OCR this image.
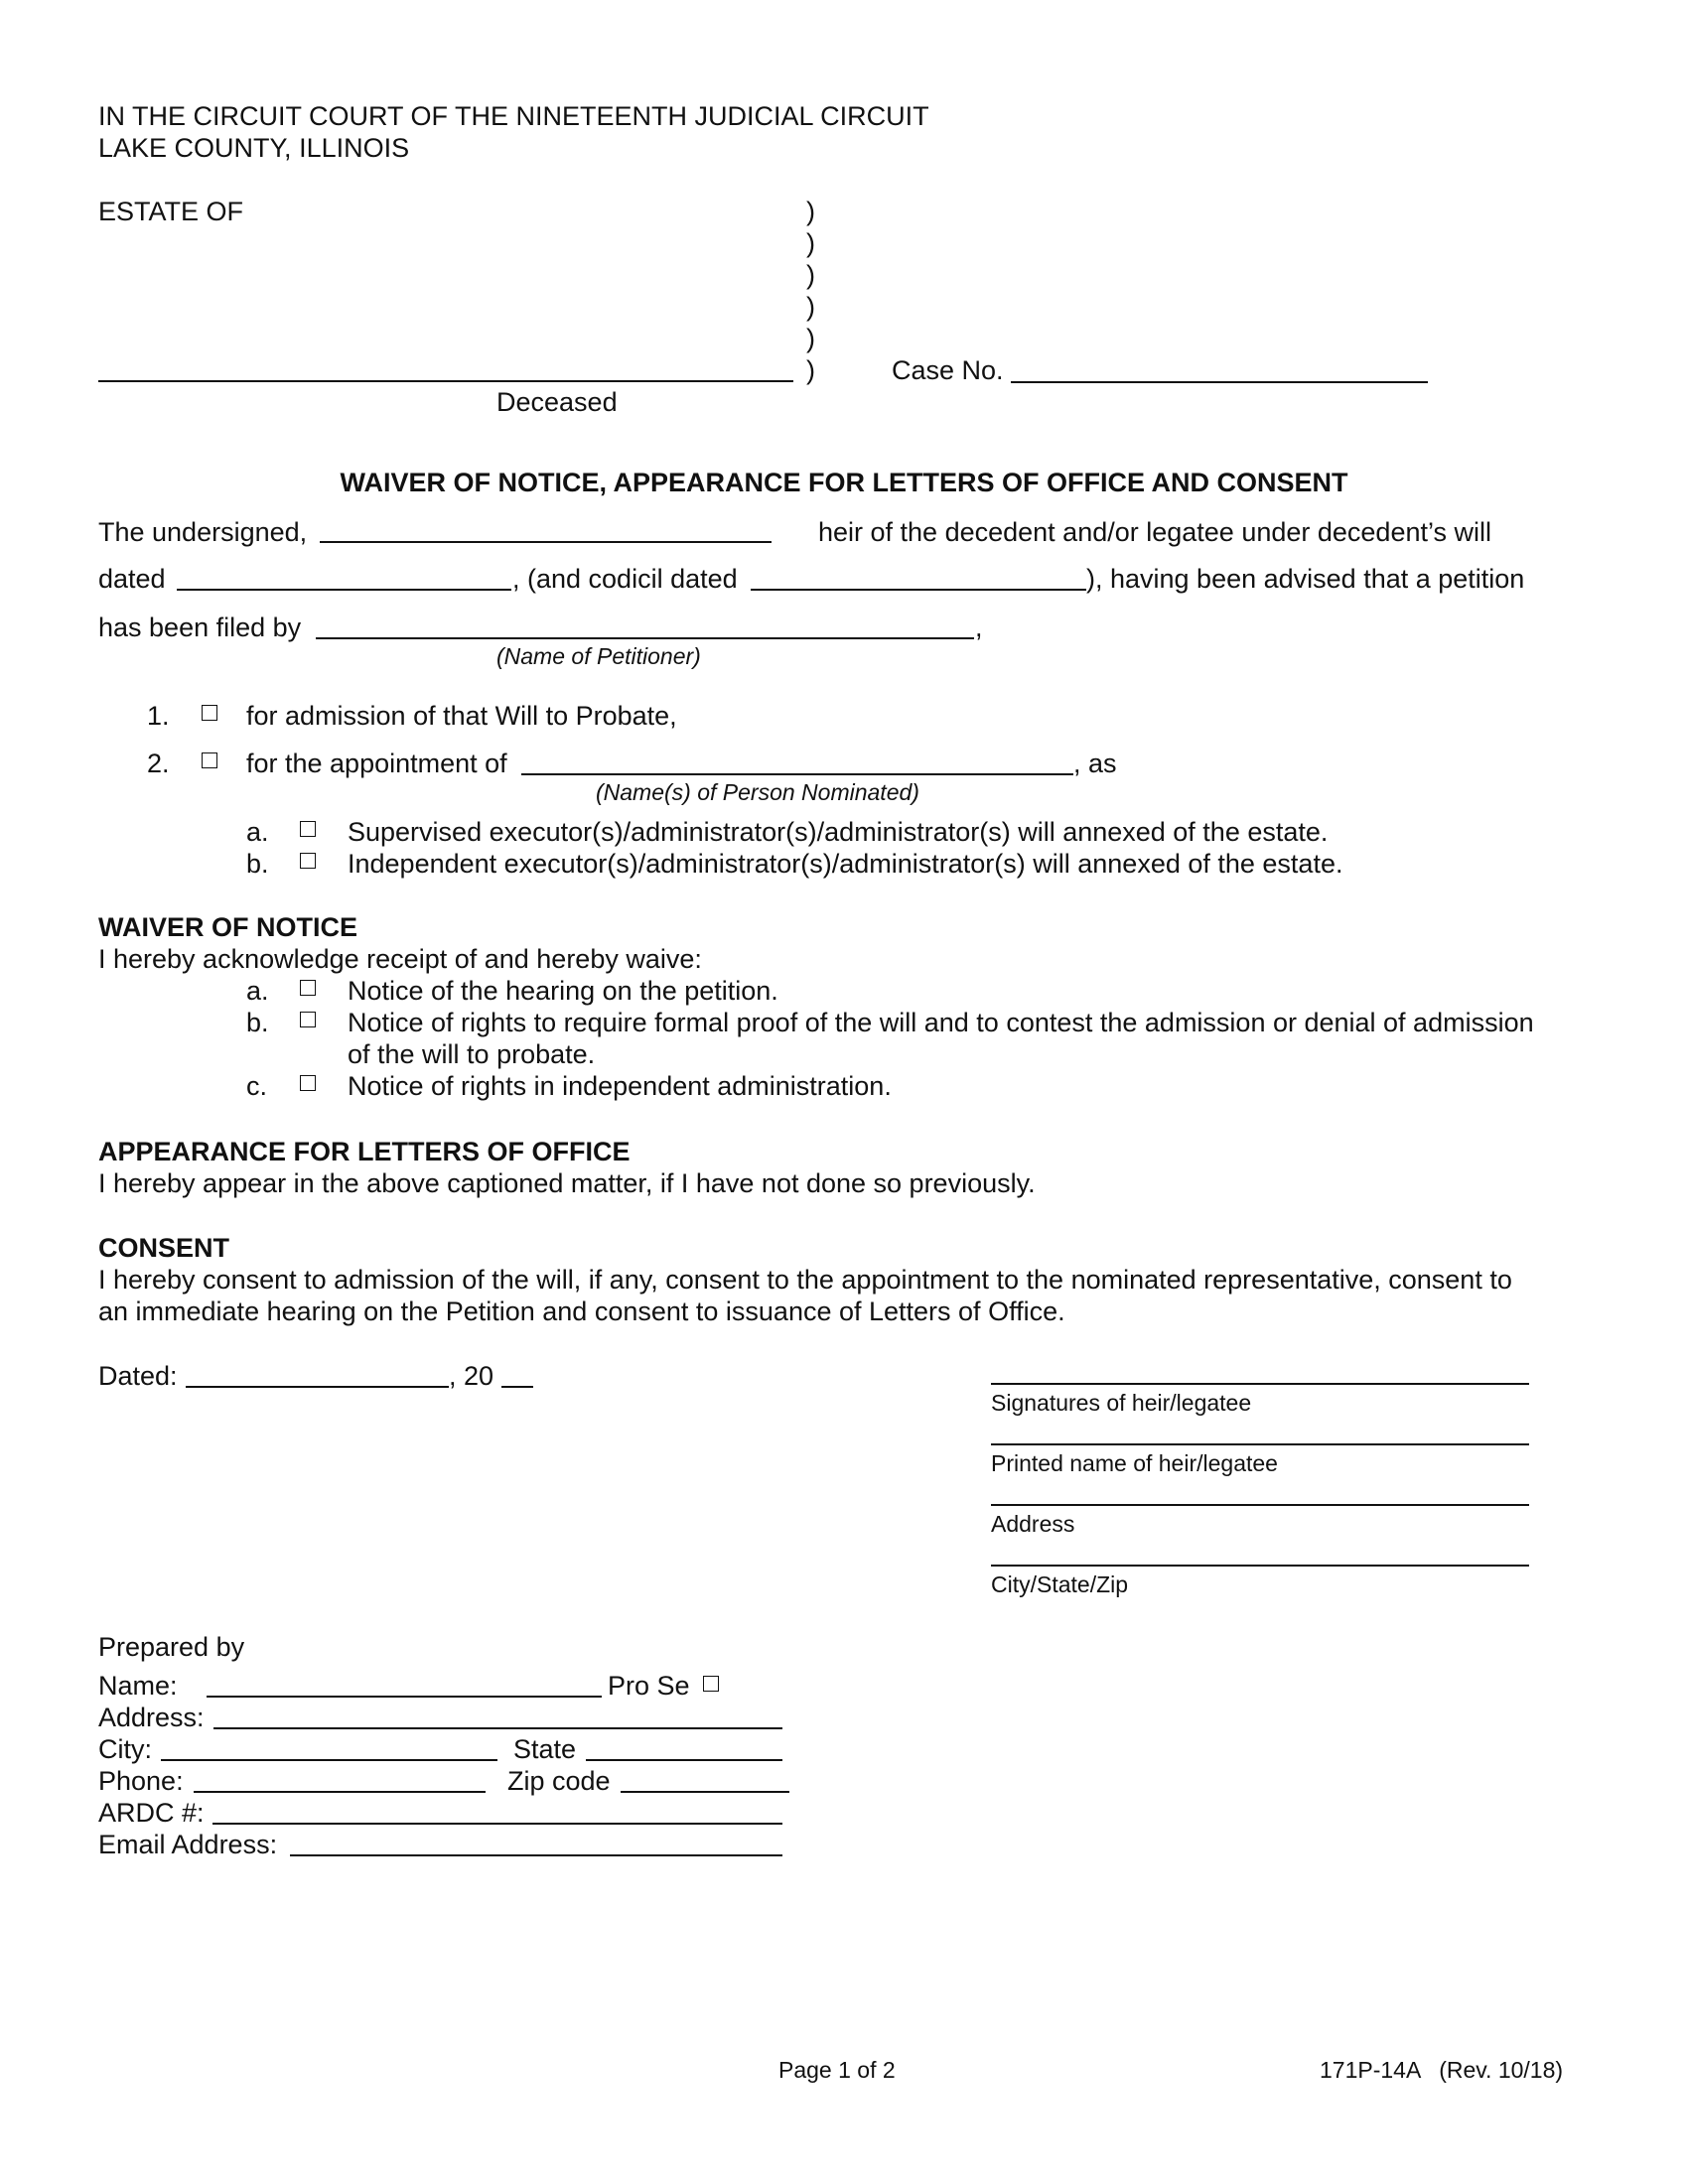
IN THE CIRCUIT COURT OF THE NINETEENTH JUDICIAL CIRCUIT
LAKE COUNTY, ILLINOIS
ESTATE OF	)
)
)
)
)
)
Deceased
Case No.
WAIVER OF NOTICE, APPEARANCE FOR LETTERS OF OFFICE AND CONSENT
The undersigned,	heir of the decedent and/or legatee under decedent’s will
dated	, (and codicil dated	), having been advised that a petition
has been filed by	,
(Name of Petitioner)
1.	for admission of that Will to Probate,
2.	for the appointment of	, as
(Name(s) of Person Nominated)
a.	Supervised executor(s)/administrator(s)/administrator(s) will annexed of the estate.
b.	Independent executor(s)/administrator(s)/administrator(s) will annexed of the estate.
WAIVER OF NOTICE
I hereby acknowledge receipt of and hereby waive:
a.	Notice of the hearing on the petition.
b.	Notice of rights to require formal proof of the will and to contest the admission or denial of admission
of the will to probate.
c.	Notice of rights in independent administration.
APPEARANCE FOR LETTERS OF OFFICE
I hereby appear in the above captioned matter, if I have not done so previously.
CONSENT
I hereby consent to admission of the will, if any, consent to the appointment to the nominated representative, consent to
an immediate hearing on the Petition and consent to issuance of Letters of Office.
Dated:	, 20
Signatures of heir/legatee
Printed name of heir/legatee
Address
City/State/Zip
Prepared by
Name:	Pro Se
Address:
City:	State
Phone:	Zip code
ARDC #:
Email Address:
Page 1 of 2	171P-14A   (Rev. 10/18)
